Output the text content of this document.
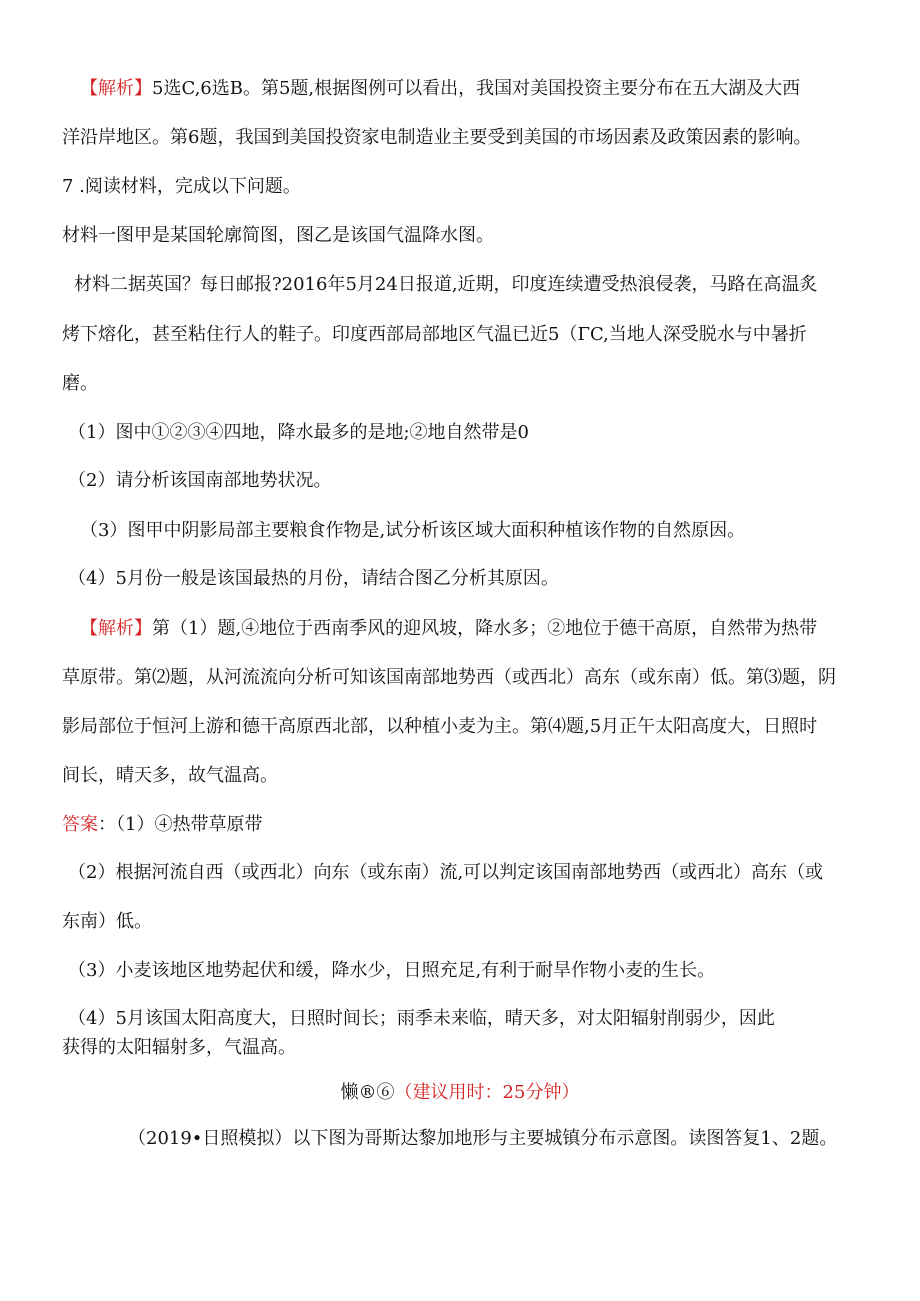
【解析】5选C,6选B。第5题,根据图例可以看出，我国对美国投资主要分布在五大湖及大西
洋沿岸地区。第6题，我国到美国投资家电制造业主要受到美国的市场因素及政策因素的影响。
7 .阅读材料，完成以下问题。
材料一图甲是某国轮廓简图，图乙是该国气温降水图。
材料二据英国？每日邮报?2016年5月24日报道,近期，印度连续遭受热浪侵袭，马路在高温炙
烤下熔化，甚至粘住行人的鞋子。印度西部局部地区气温已近5（ΓC,当地人深受脱水与中暑折
磨。
（1）图中①②③④四地，降水最多的是地;②地自然带是0
（2）请分析该国南部地势状况。
（3）图甲中阴影局部主要粮食作物是,试分析该区域大面积种植该作物的自然原因。
（4）5月份一般是该国最热的月份，请结合图乙分析其原因。
【解析】第（1）题,④地位于西南季风的迎风坡，降水多；②地位于德干高原，自然带为热带
草原带。第⑵题，从河流流向分析可知该国南部地势西（或西北）高东（或东南）低。第⑶题，阴
影局部位于恒河上游和德干高原西北部，以种植小麦为主。第⑷题,5月正午太阳高度大，日照时
间长，晴天多，故气温高。
答案：（1）④热带草原带
（2）根据河流自西（或西北）向东（或东南）流,可以判定该国南部地势西（或西北）高东（或
东南）低。
（3）小麦该地区地势起伏和缓，降水少，日照充足,有利于耐旱作物小麦的生长。
（4）5月该国太阳高度大，日照时间长；雨季未来临，晴天多，对太阳辐射削弱少，因此
获得的太阳辐射多，气温高。
懒®⑥（建议用时：25分钟）
（2019•日照模拟）以下图为哥斯达黎加地形与主要城镇分布示意图。读图答复1、2题。
